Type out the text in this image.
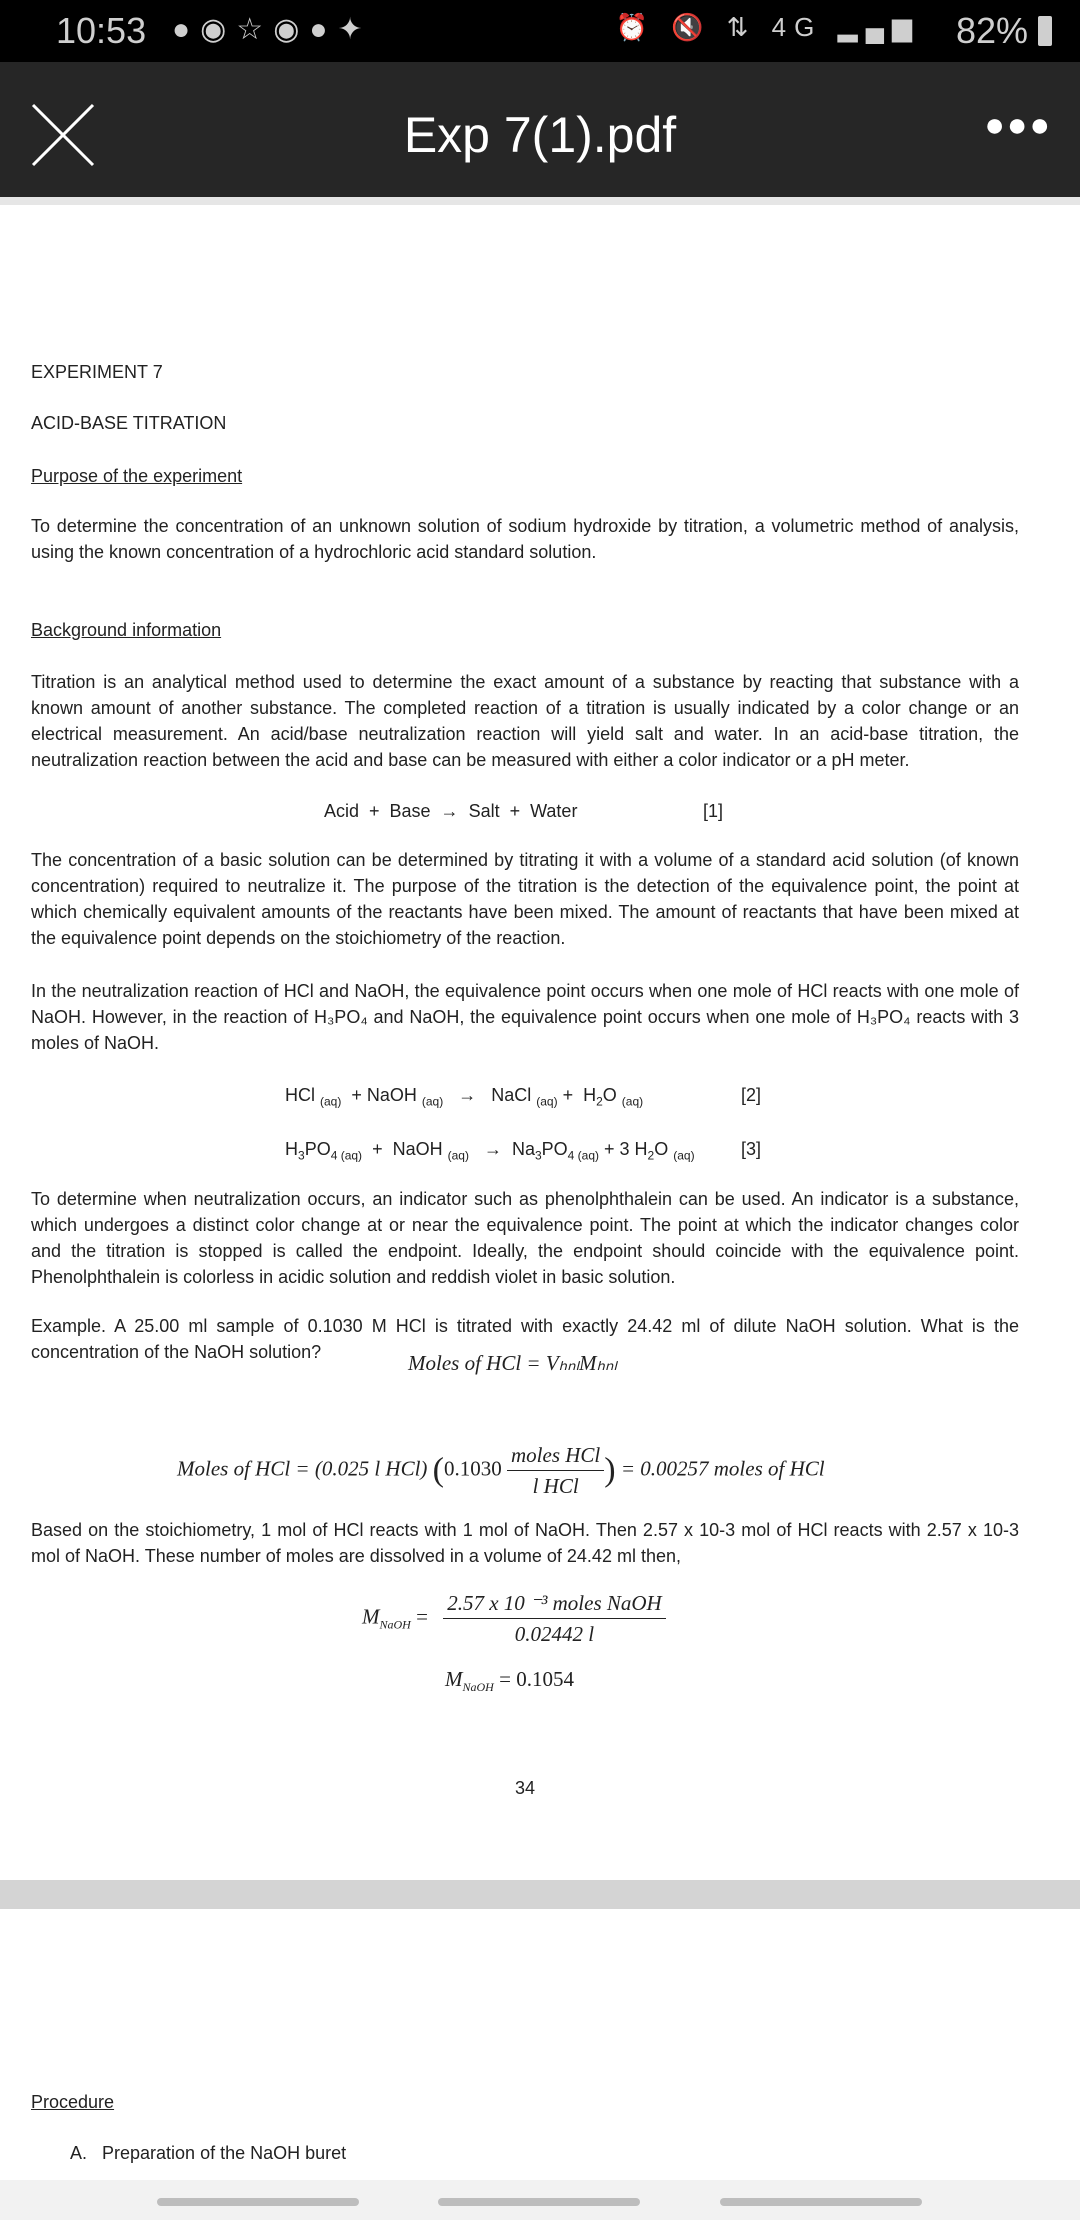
10:53 ●◉☆◉●✦	⏰ 🔇 ⇅ 4G ▂▄▆ 82%
Exp 7(1).pdf	●●●
EXPERIMENT 7
ACID-BASE TITRATION
Purpose of the experiment
To determine the concentration of an unknown solution of sodium hydroxide by titration, a volumetric method of analysis, using the known concentration of a hydrochloric acid standard solution.
Background information
Titration is an analytical method used to determine the exact amount of a substance by reacting that substance with a known amount of another substance. The completed reaction of a titration is usually indicated by a color change or an electrical measurement. An acid/base neutralization reaction will yield salt and water. In an acid-base titration, the neutralization reaction between the acid and base can be measured with either a color indicator or a pH meter.
Acid  +  Base  →  Salt  +  Water	[1]
The concentration of a basic solution can be determined by titrating it with a volume of a standard acid solution (of known concentration) required to neutralize it. The purpose of the titration is the detection of the equivalence point, the point at which chemically equivalent amounts of the reactants have been mixed. The amount of reactants that have been mixed at the equivalence point depends on the stoichiometry of the reaction.
In the neutralization reaction of HCl and NaOH, the equivalence point occurs when one mole of HCl reacts with one mole of NaOH. However, in the reaction of H₃PO₄ and NaOH, the equivalence point occurs when one mole of H₃PO₄ reacts with 3 moles of NaOH.
HCl $_{(aq)}$  + NaOH $_{(aq)}$   →   NaCl $_{(aq)} + H_2O$ $_{(aq)}$	[2]
$H_3PO_{4 (aq)}$  +  NaOH $_{(aq)} \to Na_3PO_{4 (aq)} + 3$ $H_2O$ $_{(aq)}$	[3]
To determine when neutralization occurs, an indicator such as phenolphthalein can be used. An indicator is a substance, which undergoes a distinct color change at or near the equivalence point. The point at which the indicator changes color and the titration is stopped is called the endpoint. Ideally, the endpoint should coincide with the equivalence point. Phenolphthalein is colorless in acidic solution and reddish violet in basic solution.
Example. A 25.00 ml sample of 0.1030 M HCl is titrated with exactly 24.42 ml of dilute NaOH solution. What is the concentration of the NaOH solution?	Moles of HCl = VₕₙₗMₕₙₗ
Moles of HCl = (0.025 l HCl) ($0.1030 \frac{\text{moles HCl}}{\text{l HCl}}$ ) = 0.00257 moles of HCl
Based on the stoichiometry, 1 mol of HCl reacts with 1 mol of NaOH. Then 2.57 x 10-3 mol of HCl reacts with 2.57 x 10-3 mol of NaOH. These number of moles are dissolved in a volume of 24.42 ml then,
$M_{NaOH} = \frac{\text{2.57 x 10 ⁻³ moles NaOH}}{0.02442 l}$
$M_{NaOH} = 0.1054$
34
Procedure
A.   Preparation of the NaOH buret
